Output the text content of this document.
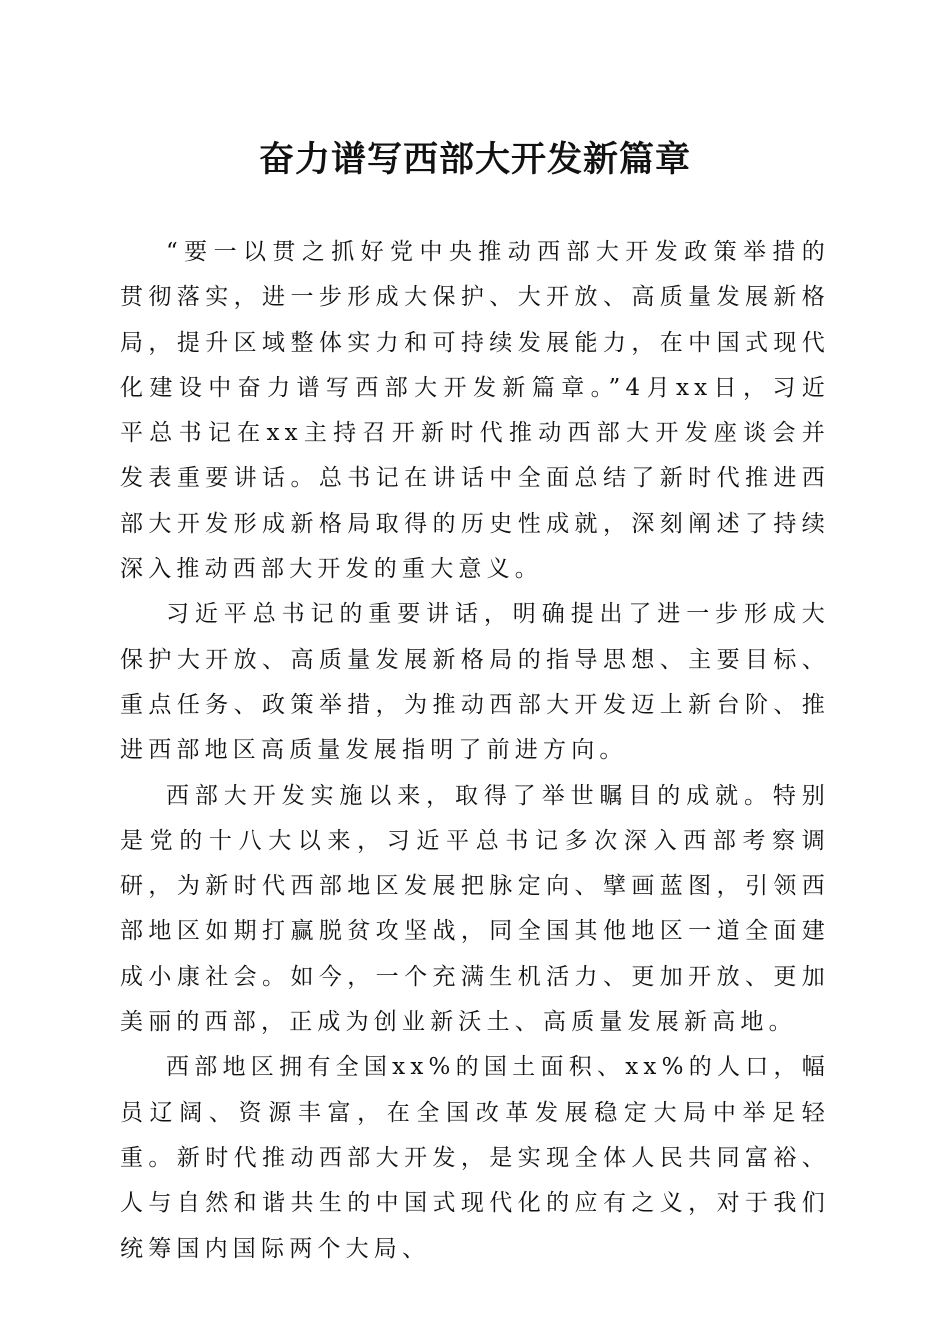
奋力谱写西部大开发新篇章

“要一以贯之抓好党中央推动西部大开发政策举措的贯彻落实，进一步形成大保护、大开放、高质量发展新格局，提升区域整体实力和可持续发展能力，在中国式现代化建设中奋力谱写西部大开发新篇章。”4月xx日，习近平总书记在xx主持召开新时代推动西部大开发座谈会并发表重要讲话。总书记在讲话中全面总结了新时代推进西部大开发形成新格局取得的历史性成就，深刻阐述了持续深入推动西部大开发的重大意义。

习近平总书记的重要讲话，明确提出了进一步形成大保护大开放、高质量发展新格局的指导思想、主要目标、重点任务、政策举措，为推动西部大开发迈上新台阶、推进西部地区高质量发展指明了前进方向。

西部大开发实施以来，取得了举世瞩目的成就。特别是党的十八大以来，习近平总书记多次深入西部考察调研，为新时代西部地区发展把脉定向、擘画蓝图，引领西部地区如期打赢脱贫攻坚战，同全国其他地区一道全面建成小康社会。如今，一个充满生机活力、更加开放、更加美丽的西部，正成为创业新沃土、高质量发展新高地。

西部地区拥有全国xx%的国土面积、xx%的人口，幅员辽阔、资源丰富，在全国改革发展稳定大局中举足轻重。新时代推动西部大开发，是实现全体人民共同富裕、人与自然和谐共生的中国式现代化的应有之义，对于我们统筹国内国际两个大局、
